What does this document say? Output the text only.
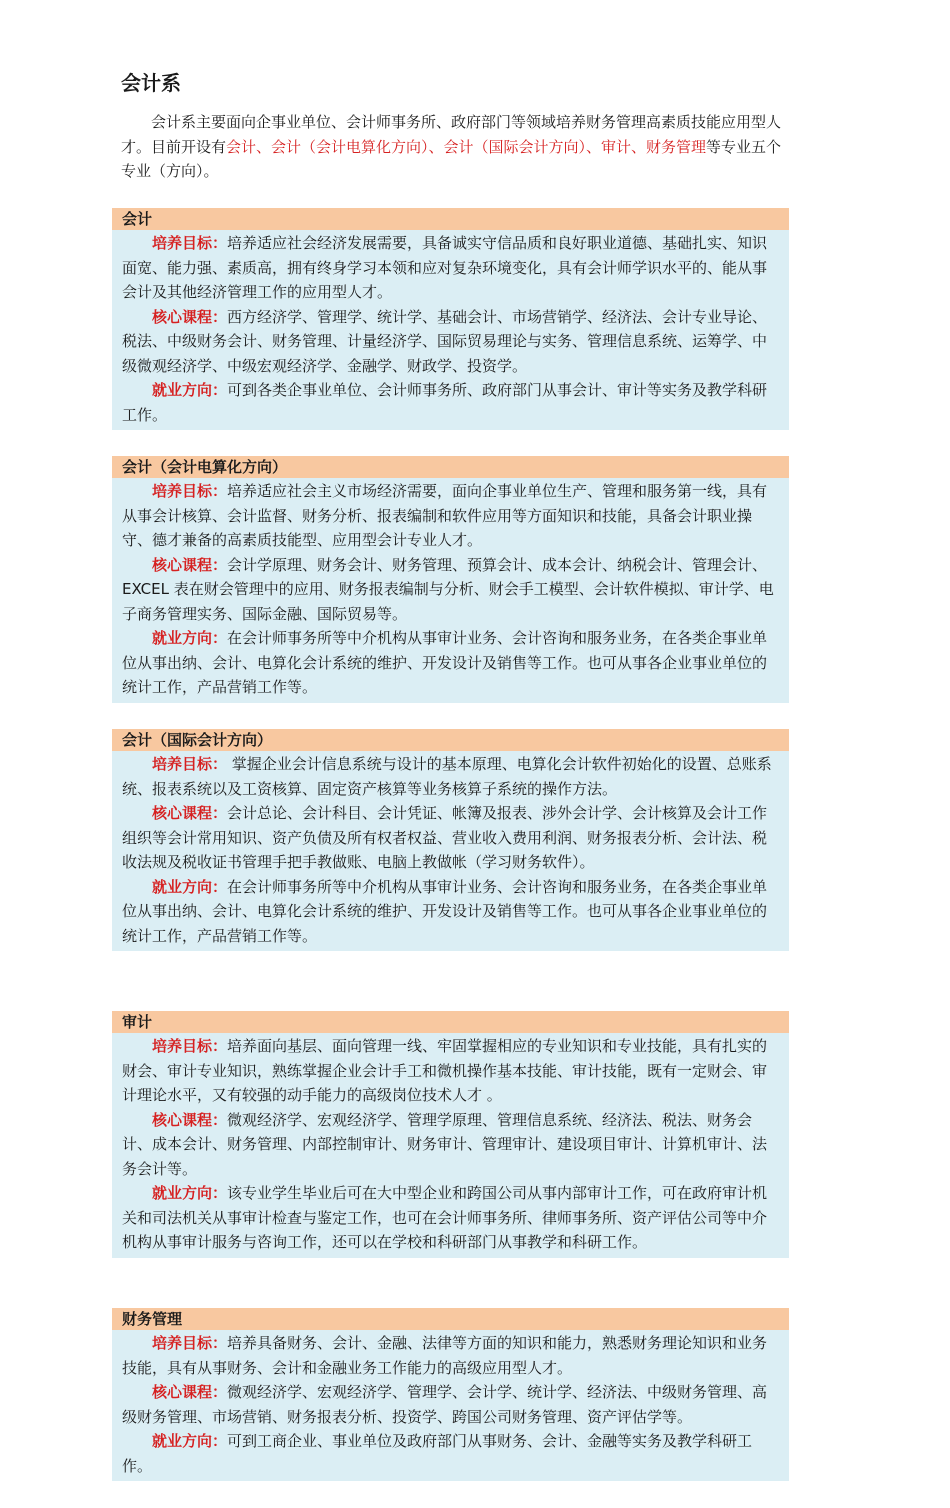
会计系

会计系主要面向企事业单位、会计师事务所、政府部门等领域培养财务管理高素质技能应用型人才。目前开设有会计、会计（会计电算化方向）、会计（国际会计方向）、审计、财务管理等专业五个专业（方向）。

会计

培养目标：培养适应社会经济发展需要，具备诚实守信品质和良好职业道德、基础扎实、知识面宽、能力强、素质高，拥有终身学习本领和应对复杂环境变化，具有会计师学识水平的、能从事会计及其他经济管理工作的应用型人才。

核心课程：西方经济学、管理学、统计学、基础会计、市场营销学、经济法、会计专业导论、税法、中级财务会计、财务管理、计量经济学、国际贸易理论与实务、管理信息系统、运筹学、中级微观经济学、中级宏观经济学、金融学、财政学、投资学。

就业方向：可到各类企事业单位、会计师事务所、政府部门从事会计、审计等实务及教学科研工作。

会计（会计电算化方向）

培养目标：培养适应社会主义市场经济需要，面向企事业单位生产、管理和服务第一线，具有从事会计核算、会计监督、财务分析、报表编制和软件应用等方面知识和技能，具备会计职业操守、德才兼备的高素质技能型、应用型会计专业人才。

核心课程：会计学原理、财务会计、财务管理、预算会计、成本会计、纳税会计、管理会计、EXCEL 表在财会管理中的应用、财务报表编制与分析、财会手工模型、会计软件模拟、审计学、电子商务管理实务、国际金融、国际贸易等。

就业方向：在会计师事务所等中介机构从事审计业务、会计咨询和服务业务，在各类企事业单位从事出纳、会计、电算化会计系统的维护、开发设计及销售等工作。也可从事各企业事业单位的统计工作，产品营销工作等。

会计（国际会计方向）

培养目标： 掌握企业会计信息系统与设计的基本原理、电算化会计软件初始化的设置、总账系统、报表系统以及工资核算、固定资产核算等业务核算子系统的操作方法。

核心课程：会计总论、会计科目、会计凭证、帐簿及报表、涉外会计学、会计核算及会计工作组织等会计常用知识、资产负债及所有权者权益、营业收入费用利润、财务报表分析、会计法、税收法规及税收证书管理手把手教做账、电脑上教做帐（学习财务软件）。

就业方向：在会计师事务所等中介机构从事审计业务、会计咨询和服务业务，在各类企事业单位从事出纳、会计、电算化会计系统的维护、开发设计及销售等工作。也可从事各企业事业单位的统计工作，产品营销工作等。

审计

培养目标：培养面向基层、面向管理一线、牢固掌握相应的专业知识和专业技能，具有扎实的财会、审计专业知识，熟练掌握企业会计手工和微机操作基本技能、审计技能，既有一定财会、审计理论水平，又有较强的动手能力的高级岗位技术人才 。

核心课程：微观经济学、宏观经济学、管理学原理、管理信息系统、经济法、税法、财务会计、成本会计、财务管理、内部控制审计、财务审计、管理审计、建设项目审计、计算机审计、法务会计等。

就业方向：该专业学生毕业后可在大中型企业和跨国公司从事内部审计工作，可在政府审计机关和司法机关从事审计检查与鉴定工作，也可在会计师事务所、律师事务所、资产评估公司等中介机构从事审计服务与咨询工作，还可以在学校和科研部门从事教学和科研工作。

财务管理

培养目标：培养具备财务、会计、金融、法律等方面的知识和能力，熟悉财务理论知识和业务技能，具有从事财务、会计和金融业务工作能力的高级应用型人才。

核心课程：微观经济学、宏观经济学、管理学、会计学、统计学、经济法、中级财务管理、高级财务管理、市场营销、财务报表分析、投资学、跨国公司财务管理、资产评估学等。

就业方向：可到工商企业、事业单位及政府部门从事财务、会计、金融等实务及教学科研工作。
